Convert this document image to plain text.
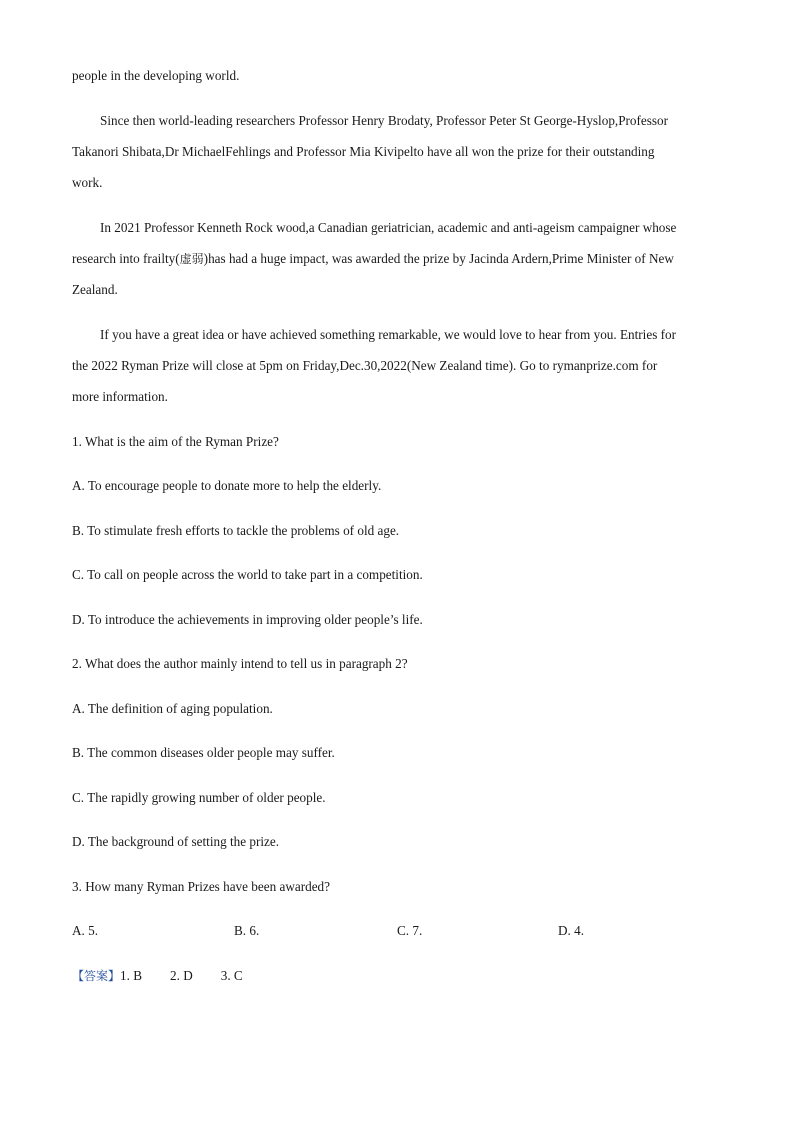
people in the developing world.
Since then world-leading researchers Professor Henry Brodaty, Professor Peter St George-Hyslop,Professor
Takanori Shibata,Dr MichaelFehlings and Professor Mia Kivipelto have all won the prize for their outstanding
work.
In 2021 Professor Kenneth Rock wood,a Canadian geriatrician, academic and anti-ageism campaigner whose
research into frailty(虚弱)has had a huge impact, was awarded the prize by Jacinda Ardern,Prime Minister of New
Zealand.
If you have a great idea or have achieved something remarkable, we would love to hear from you. Entries for
the 2022 Ryman Prize will close at 5pm on Friday,Dec.30,2022(New Zealand time). Go to rymanprize.com for
more information.
1. What is the aim of the Ryman Prize?
A. To encourage people to donate more to help the elderly.
B. To stimulate fresh efforts to tackle the problems of old age.
C. To call on people across the world to take part in a competition.
D. To introduce the achievements in improving older people’s life.
2. What does the author mainly intend to tell us in paragraph 2?
A. The definition of aging population.
B. The common diseases older people may suffer.
C. The rapidly growing number of older people.
D. The background of setting the prize.
3. How many Ryman Prizes have been awarded?
A. 5.	B. 6.	C. 7.	D. 4.
【答案】1. B 2. D 3. C
